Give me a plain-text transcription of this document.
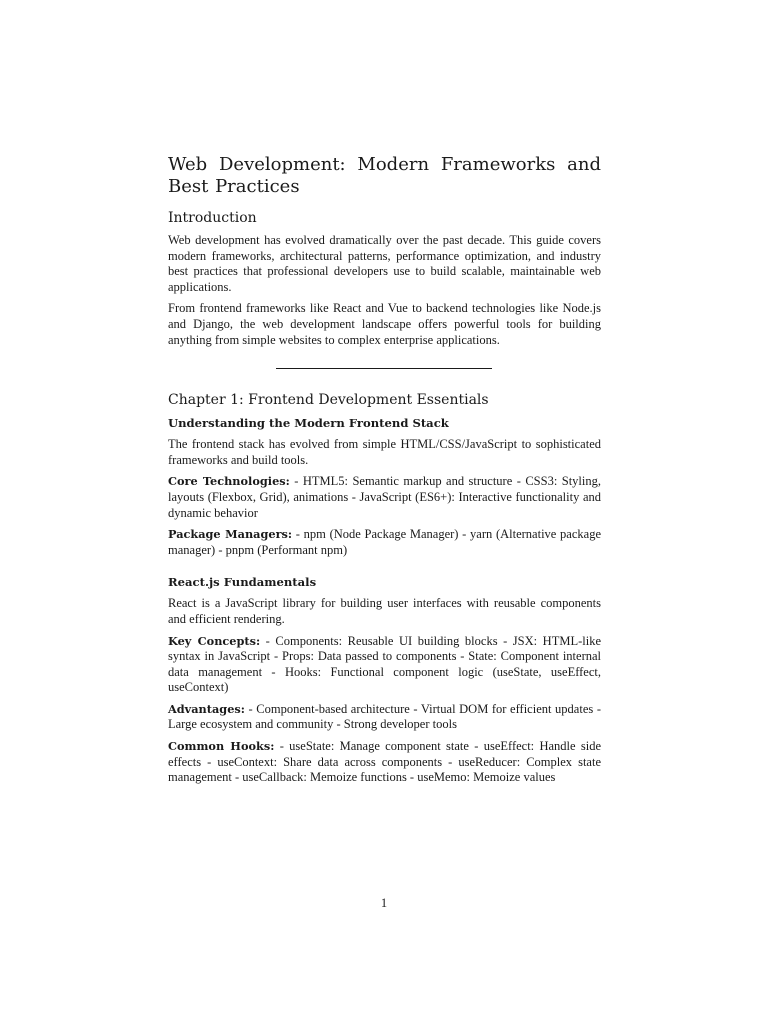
Web Development: Modern Frameworks and Best Practices
Introduction

Web development has evolved dramatically over the past decade. This guide covers modern frameworks, architectural patterns, performance optimization, and industry best practices that professional developers use to build scalable, maintainable web applications.

From frontend frameworks like React and Vue to backend technologies like Node.js and Django, the web development landscape offers powerful tools for building anything from simple websites to complex enterprise applications.

Chapter 1: Frontend Development Essentials
Understanding the Modern Frontend Stack

The frontend stack has evolved from simple HTML/CSS/JavaScript to sophisticated frameworks and build tools.

Core Technologies: - HTML5: Semantic markup and structure - CSS3: Styling, layouts (Flexbox, Grid), animations - JavaScript (ES6+): Interactive functionality and dynamic behavior

Package Managers: - npm (Node Package Manager) - yarn (Alternative package manager) - pnpm (Performant npm)

React.js Fundamentals

React is a JavaScript library for building user interfaces with reusable components and efficient rendering.

Key Concepts: - Components: Reusable UI building blocks - JSX: HTML-like syntax in JavaScript - Props: Data passed to components - State: Component internal data management - Hooks: Functional component logic (useState, useEffect, useContext)

Advantages: - Component-based architecture - Virtual DOM for efficient updates - Large ecosystem and community - Strong developer tools

Common Hooks: - useState: Manage component state - useEffect: Handle side effects - useContext: Share data across components - useReducer: Complex state management - useCallback: Memoize functions - useMemo: Memoize values

1
